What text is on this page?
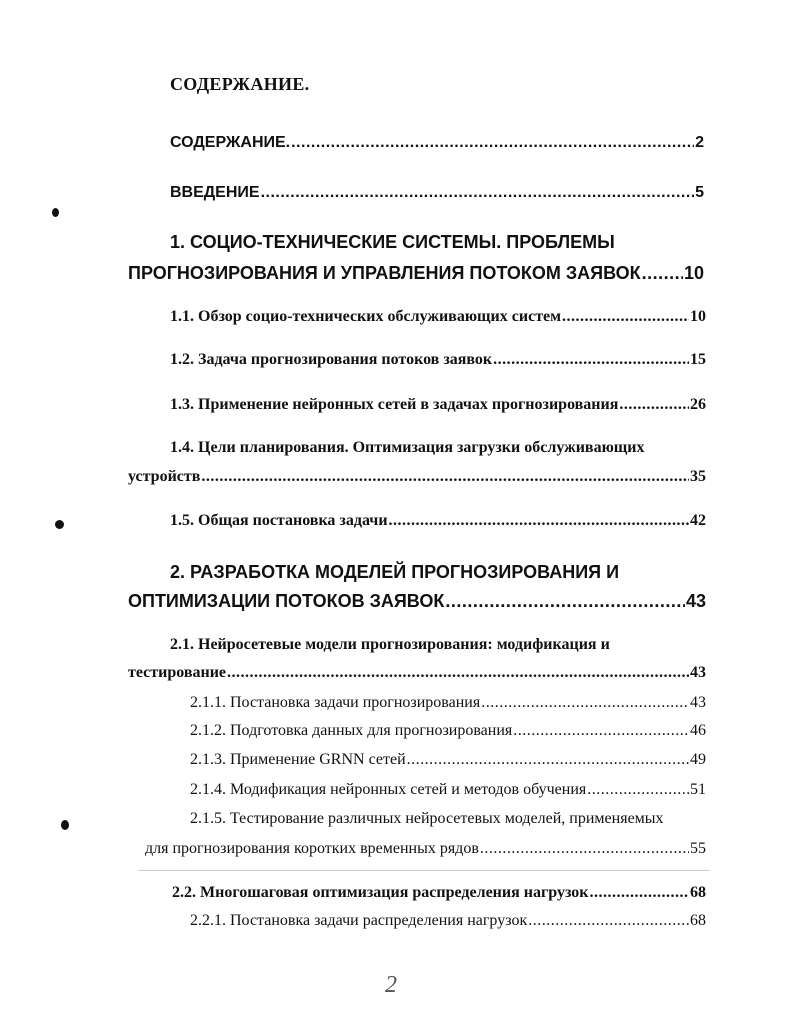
СОДЕРЖАНИЕ.
СОДЕРЖАНИЕ. .....	2
ВВЕДЕНИЕ .....	5
1. СОЦИО-ТЕХНИЧЕСКИЕ СИСТЕМЫ. ПРОБЛЕМЫ
ПРОГНОЗИРОВАНИЯ И УПРАВЛЕНИЯ ПОТОКОМ ЗАЯВОК ..... 10
1.1. Обзор социо-технических обслуживающих систем .....	10
1.2. Задача прогнозирования потоков заявок .....	15
1.3. Применение нейронных сетей в задачах прогнозирования .....	26
1.4. Цели планирования. Оптимизация загрузки обслуживающих
устройств .....	35
1.5. Общая постановка задачи .....	42
2. РАЗРАБОТКА МОДЕЛЕЙ ПРОГНОЗИРОВАНИЯ И
ОПТИМИЗАЦИИ ПОТОКОВ ЗАЯВОК .....	43
2.1. Нейросетевые модели прогнозирования: модификация и
тестирование .....	43
2.1.1. Постановка задачи прогнозирования .....	43
2.1.2. Подготовка данных для прогнозирования .....	46
2.1.3. Применение GRNN сетей .....	49
2.1.4. Модификация нейронных сетей и методов обучения .....	51
2.1.5. Тестирование различных нейросетевых моделей, применяемых
для прогнозирования коротких временных рядов .....	55
2.2. Многошаговая оптимизация распределения нагрузок .....	68
2.2.1. Постановка задачи распределения нагрузок .....	68
2
